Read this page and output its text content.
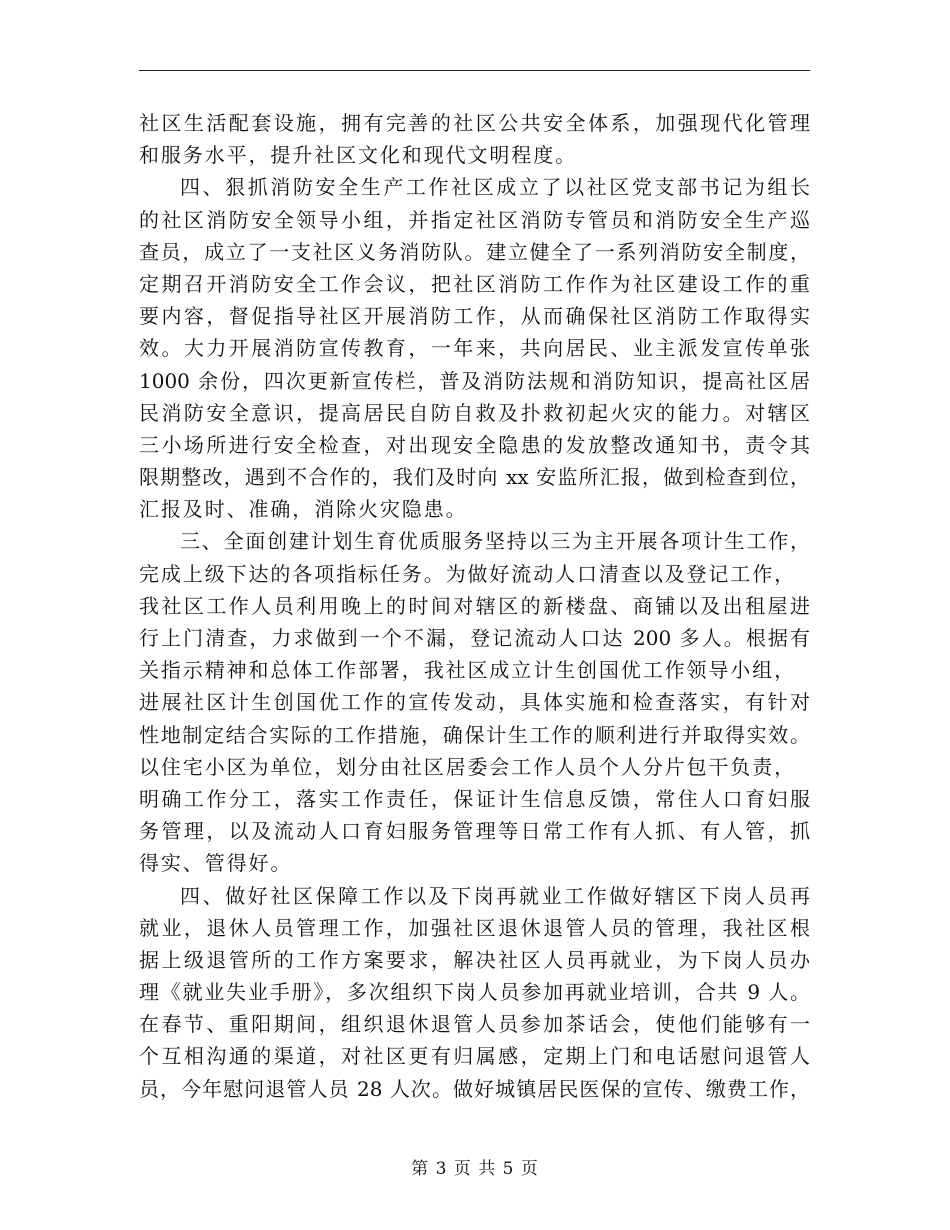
社区生活配套设施，拥有完善的社区公共安全体系，加强现代化管理
和服务水平，提升社区文化和现代文明程度。
四、狠抓消防安全生产工作社区成立了以社区党支部书记为组长
的社区消防安全领导小组，并指定社区消防专管员和消防安全生产巡
查员，成立了一支社区义务消防队。建立健全了一系列消防安全制度，
定期召开消防安全工作会议，把社区消防工作作为社区建设工作的重
要内容，督促指导社区开展消防工作，从而确保社区消防工作取得实
效。大力开展消防宣传教育，一年来，共向居民、业主派发宣传单张
1000 余份，四次更新宣传栏，普及消防法规和消防知识，提高社区居
民消防安全意识，提高居民自防自救及扑救初起火灾的能力。对辖区
三小场所进行安全检查，对出现安全隐患的发放整改通知书，责令其
限期整改，遇到不合作的，我们及时向 xx 安监所汇报，做到检查到位，
汇报及时、准确，消除火灾隐患。
三、全面创建计划生育优质服务坚持以三为主开展各项计生工作，
完成上级下达的各项指标任务。为做好流动人口清查以及登记工作，
我社区工作人员利用晚上的时间对辖区的新楼盘、商铺以及出租屋进
行上门清查，力求做到一个不漏，登记流动人口达 200 多人。根据有
关指示精神和总体工作部署，我社区成立计生创国优工作领导小组，
进展社区计生创国优工作的宣传发动，具体实施和检查落实，有针对
性地制定结合实际的工作措施，确保计生工作的顺利进行并取得实效。
以住宅小区为单位，划分由社区居委会工作人员个人分片包干负责，
明确工作分工，落实工作责任，保证计生信息反馈，常住人口育妇服
务管理，以及流动人口育妇服务管理等日常工作有人抓、有人管，抓
得实、管得好。
四、做好社区保障工作以及下岗再就业工作做好辖区下岗人员再
就业，退休人员管理工作，加强社区退休退管人员的管理，我社区根
据上级退管所的工作方案要求，解决社区人员再就业，为下岗人员办
理《就业失业手册》，多次组织下岗人员参加再就业培训，合共 9 人。
在春节、重阳期间，组织退休退管人员参加茶话会，使他们能够有一
个互相沟通的渠道，对社区更有归属感，定期上门和电话慰问退管人
员，今年慰问退管人员 28 人次。做好城镇居民医保的宣传、缴费工作，
第 3 页 共 5 页
